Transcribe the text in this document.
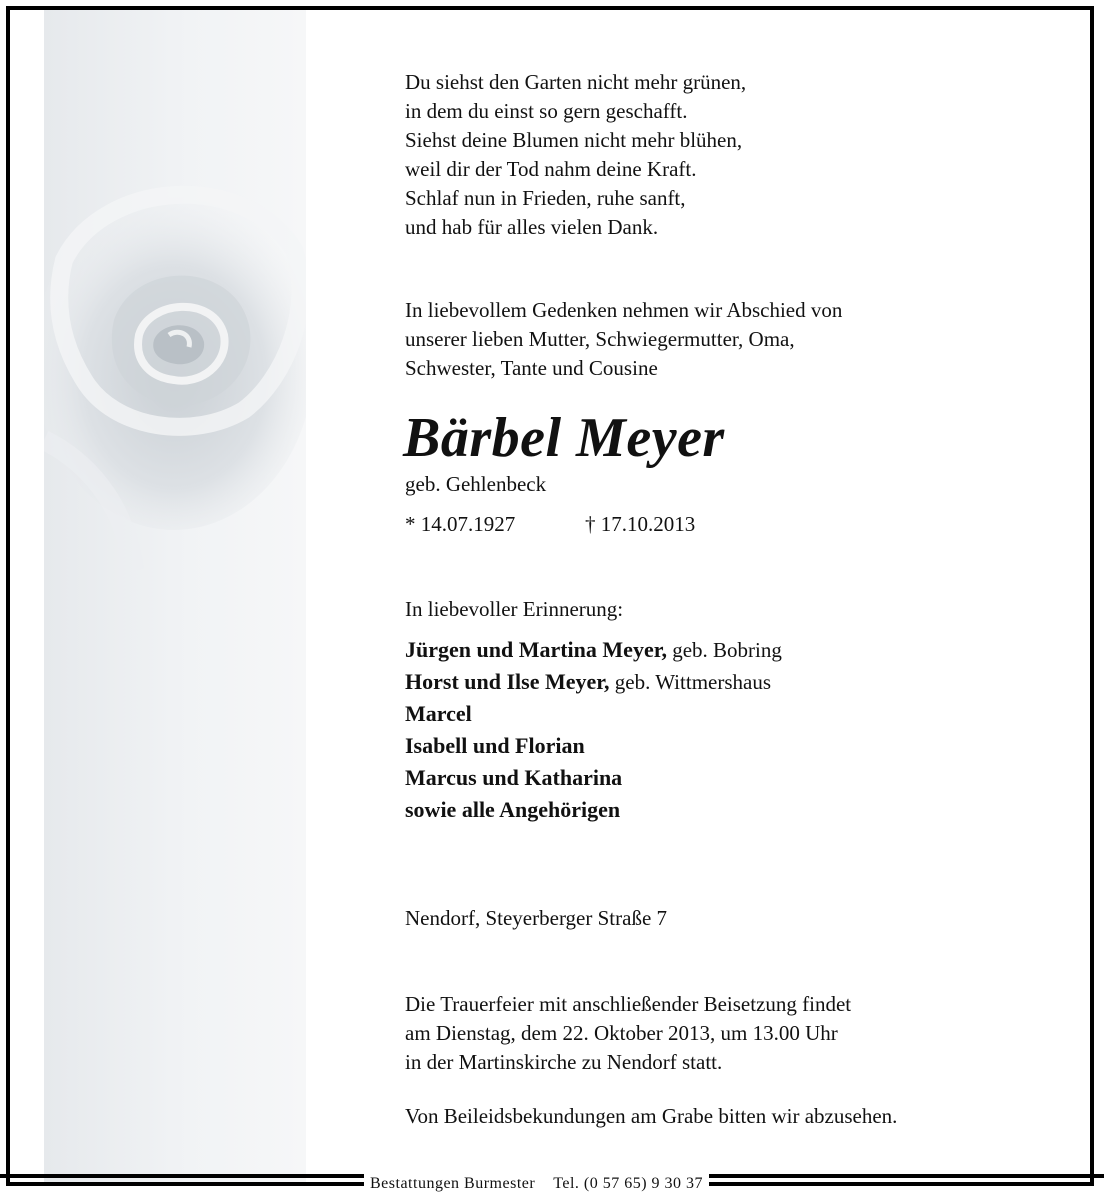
Du siehst den Garten nicht mehr grünen,
in dem du einst so gern geschafft.
Siehst deine Blumen nicht mehr blühen,
weil dir der Tod nahm deine Kraft.
Schlaf nun in Frieden, ruhe sanft,
und hab für alles vielen Dank.
In liebevollem Gedenken nehmen wir Abschied von
unserer lieben Mutter, Schwiegermutter, Oma,
Schwester, Tante und Cousine
Bärbel Meyer
geb. Gehlenbeck
* 14.07.1927	† 17.10.2013
In liebevoller Erinnerung:
Jürgen und Martina Meyer, geb. Bobring
Horst und Ilse Meyer, geb. Wittmershaus
Marcel
Isabell und Florian
Marcus und Katharina
sowie alle Angehörigen
Nendorf, Steyerberger Straße 7
Die Trauerfeier mit anschließender Beisetzung findet
am Dienstag, dem 22. Oktober 2013, um 13.00 Uhr
in der Martinskirche zu Nendorf statt.
Von Beileidsbekundungen am Grabe bitten wir abzusehen.
Bestattungen Burmester Tel. (0 57 65) 9 30 37
